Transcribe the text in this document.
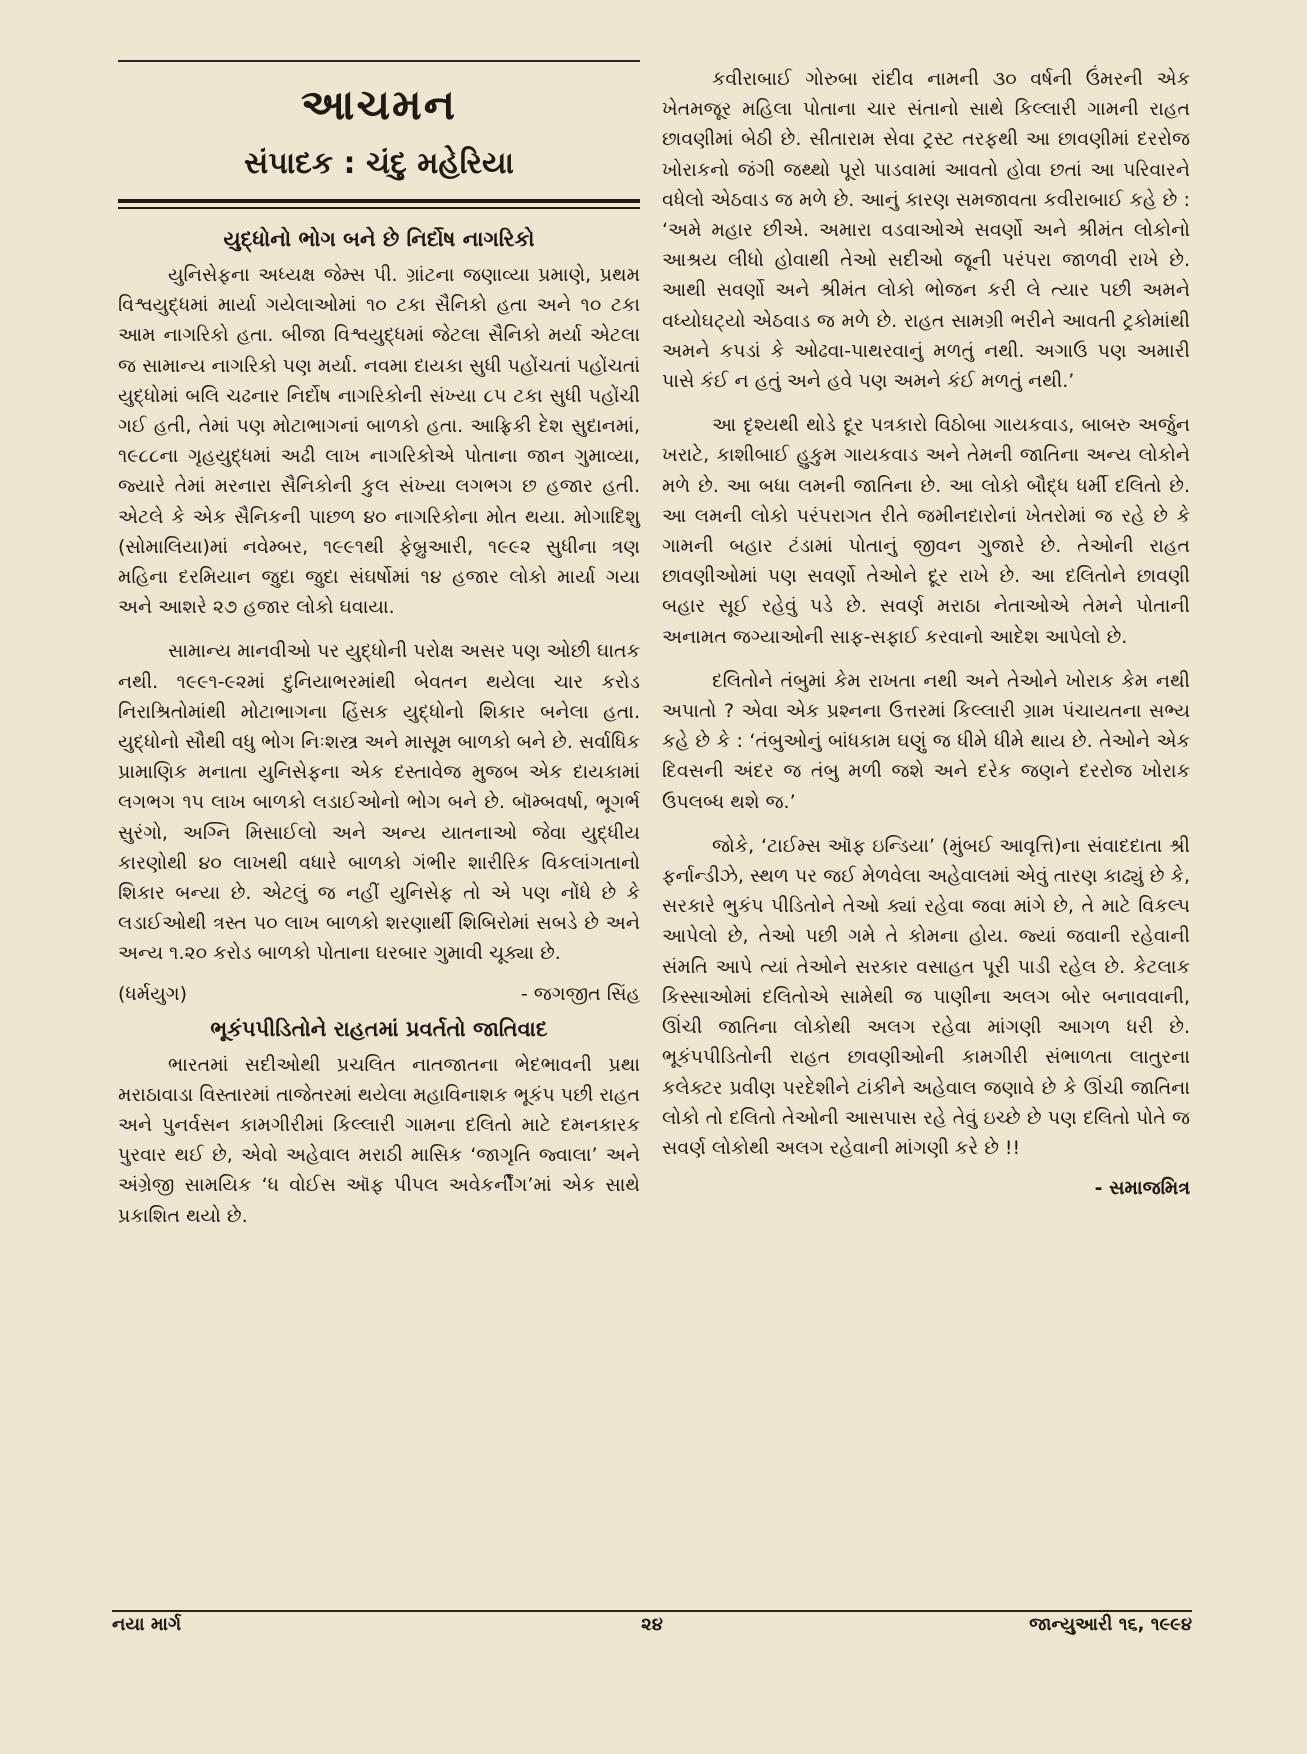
આચમન
સંપાદક : ચંદુ મહેરિયા
યુદ્ધોનો ભોગ બને છે નિર્દોષ નાગરિકો

યુનિસેફના અધ્યક્ષ જેમ્સ પી. ગ્રાંટના જણાવ્યા પ્રમાણે, પ્રથમ વિશ્વયુદ્ધમાં માર્યા ગયેલાઓમાં ૧૦ ટકા સૈનિકો હતા અને ૧૦ ટકા આમ નાગરિકો હતા. બીજા વિશ્વયુદ્ધમાં જેટલા સૈનિકો મર્યા એટલા જ સામાન્ય નાગરિકો પણ મર્યા. નવમા દાયકા સુધી પહોંચતાં પહોંચતાં યુદ્ધોમાં બલિ ચઢનાર નિર્દોષ નાગરિકોની સંખ્યા ૮૫ ટકા સુધી પહોંચી ગઈ હતી, તેમાં પણ મોટાભાગનાં બાળકો હતા. આફ્રિકી દેશ સુદાનમાં, ૧૯૮૮ના ગૃહયુદ્ધમાં અઢી લાખ નાગરિકોએ પોતાના જાન ગુમાવ્યા, જ્યારે તેમાં મરનારા સૈનિકોની કુલ સંખ્યા લગભગ છ હજાર હતી. એટલે કે એક સૈનિકની પાછળ ૪૦ નાગરિકોના મોત થયા. મોગાદિશુ (સોમાલિયા)માં નવેમ્બર, ૧૯૯૧થી ફેબ્રુઆરી, ૧૯૯૨ સુધીના ત્રણ મહિના દરમિયાન જુદા જુદા સંઘર્ષોમાં ૧૪ હજાર લોકો માર્યા ગયા અને આશરે ૨૭ હજાર લોકો ઘવાયા.

સામાન્ય માનવીઓ પર યુદ્ધોની પરોક્ષ અસર પણ ઓછી ઘાતક નથી. ૧૯૯૧-૯૨માં દુનિયાભરમાંથી બેવતન થયેલા ચાર કરોડ નિરાશ્રિતોમાંથી મોટાભાગના હિંસક યુદ્ધોનો શિકાર બનેલા હતા. યુદ્ધોનો સૌથી વધુ ભોગ નિઃશસ્ત્ર અને માસૂમ બાળકો બને છે. સર્વાધિક પ્રામાણિક મનાતા યુનિસેફના એક દસ્તાવેજ મુજબ એક દાયકામાં લગભગ ૧૫ લાખ બાળકો લડાઈઓનો ભોગ બને છે. બૉમ્બવર્ષા, ભૂગર્ભ સુરંગો, અગ્નિ મિસાઈલો અને અન્ય યાતનાઓ જેવા યુદ્ધીય કારણોથી ૪૦ લાખથી વધારે બાળકો ગંભીર શારીરિક વિકલાંગતાનો શિકાર બન્યા છે. એટલું જ નહીં યુનિસેફ તો એ પણ નોંધે છે કે લડાઈઓથી ત્રસ્ત ૫૦ લાખ બાળકો શરણાર્થી શિબિરોમાં સબડે છે અને અન્ય ૧.૨૦ કરોડ બાળકો પોતાના ઘરબાર ગુમાવી ચૂક્યા છે.

(ધર્મયુગ)	- જગજીત સિંહ
ભૂકંપપીડિતોને રાહતમાં પ્રવર્તતો જાતિવાદ

ભારતમાં સદીઓથી પ્રચલિત નાતજાતના ભેદભાવની પ્રથા મરાઠાવાડા વિસ્તારમાં તાજેતરમાં થયેલા મહાવિનાશક ભૂકંપ પછી રાહત અને પુનર્વસન કામગીરીમાં કિલ્લારી ગામના દલિતો માટે દમનકારક પુરવાર થઈ છે, એવો અહેવાલ મરાઠી માસિક ‘જાગૃતિ જ્વાલા’ અને અંગ્રેજી સામયિક ‘ધ વોઈસ ઑફ પીપલ અવેકર્નીંગ’માં એક સાથે પ્રકાશિત થયો છે.

કવીરાબાઈ ગોરુબા રાંદીવ નામની ૩૦ વર્ષની ઉંમરની એક ખેતમજૂર મહિલા પોતાના ચાર સંતાનો સાથે કિલ્લારી ગામની રાહત છાવણીમાં બેઠી છે. સીતારામ સેવા ટ્રસ્ટ તરફથી આ છાવણીમાં દરરોજ ખોરાકનો જંગી જથ્થો પૂરો પાડવામાં આવતો હોવા છતાં આ પરિવારને વધેલો એઠવાડ જ મળે છે. આનું કારણ સમજાવતા કવીરાબાઈ કહે છે : ‘અમે મહાર છીએ. અમારા વડવાઓએ સવર્ણો અને શ્રીમંત લોકોનો આશ્રય લીધો હોવાથી તેઓ સદીઓ જૂની પરંપરા જાળવી રાખે છે. આથી સવર્ણો અને શ્રીમંત લોકો ભોજન કરી લે ત્યાર પછી અમને વધ્યોઘટ્યો એઠવાડ જ મળે છે. રાહત સામગ્રી ભરીને આવતી ટ્રકોમાંથી અમને કપડાં કે ઓઢવા-પાથરવાનું મળતું નથી. અગાઉ પણ અમારી પાસે કંઈ ન હતું અને હવે પણ અમને કંઈ મળતું નથી.’

આ દૃશ્યથી થોડે દૂર પત્રકારો વિઠોબા ગાયકવાડ, બાબરુ અર્જુન ખરાટે, કાશીબાઈ હુકુમ ગાયકવાડ અને તેમની જાતિના અન્ય લોકોને મળે છે. આ બધા લમની જાતિના છે. આ લોકો બૌદ્ધ ધર્મી દલિતો છે. આ લમની લોકો પરંપરાગત રીતે જમીનદારોનાં ખેતરોમાં જ રહે છે કે ગામની બહાર ટંડામાં પોતાનું જીવન ગુજારે છે. તેઓની રાહત છાવણીઓમાં પણ સવર્ણો તેઓને દૂર રાખે છે. આ દલિતોને છાવણી બહાર સૂઈ રહેવું પડે છે. સવર્ણ મરાઠા નેતાઓએ તેમને પોતાની અનામત જગ્યાઓની સાફ-સફાઈ કરવાનો આદેશ આપેલો છે.

દલિતોને તંબુમાં કેમ રાખતા નથી અને તેઓને ખોરાક કેમ નથી અપાતો ? એવા એક પ્રશ્નના ઉત્તરમાં કિલ્લારી ગ્રામ પંચાયતના સભ્ય કહે છે કે : ‘તંબુઓનું બાંધકામ ઘણું જ ધીમે ધીમે થાય છે. તેઓને એક દિવસની અંદર જ તંબુ મળી જશે અને દરેક જણને દરરોજ ખોરાક ઉપલબ્ધ થશે જ.’

જોકે, ‘ટાઈમ્સ ઑફ ઇન્ડિયા’ (મુંબઈ આવૃત્તિ)ના સંવાદદાતા શ્રી ફર્નાન્ડીઝે, સ્થળ પર જઈ મેળવેલા અહેવાલમાં એવું તારણ કાઢ્યું છે કે, સરકારે ભુકંપ પીડિતોને તેઓ ક્યાં રહેવા જવા માંગે છે, તે માટે વિકલ્પ આપેલો છે, તેઓ પછી ગમે તે કોમના હોય. જ્યાં જવાની રહેવાની સંમતિ આપે ત્યાં તેઓને સરકાર વસાહત પૂરી પાડી રહેલ છે. કેટલાક કિસ્સાઓમાં દલિતોએ સામેથી જ પાણીના અલગ બોર બનાવવાની, ઊંચી જાતિના લોકોથી અલગ રહેવા માંગણી આગળ ધરી છે. ભૂકંપપીડિતોની રાહત છાવણીઓની કામગીરી સંભાળતા લાતુરના કલેક્ટર પ્રવીણ પરદેશીને ટાંકીને અહેવાલ જણાવે છે કે ઊંચી જાતિના લોકો તો દલિતો તેઓની આસપાસ રહે તેવું ઇચ્છે છે પણ દલિતો પોતે જ સવર્ણ લોકોથી અલગ રહેવાની માંગણી કરે છે !!

- સમાજમિત્ર
નયા માર્ગ	૨૪	જાન્યુઆરી ૧૬, ૧૯૯૪
